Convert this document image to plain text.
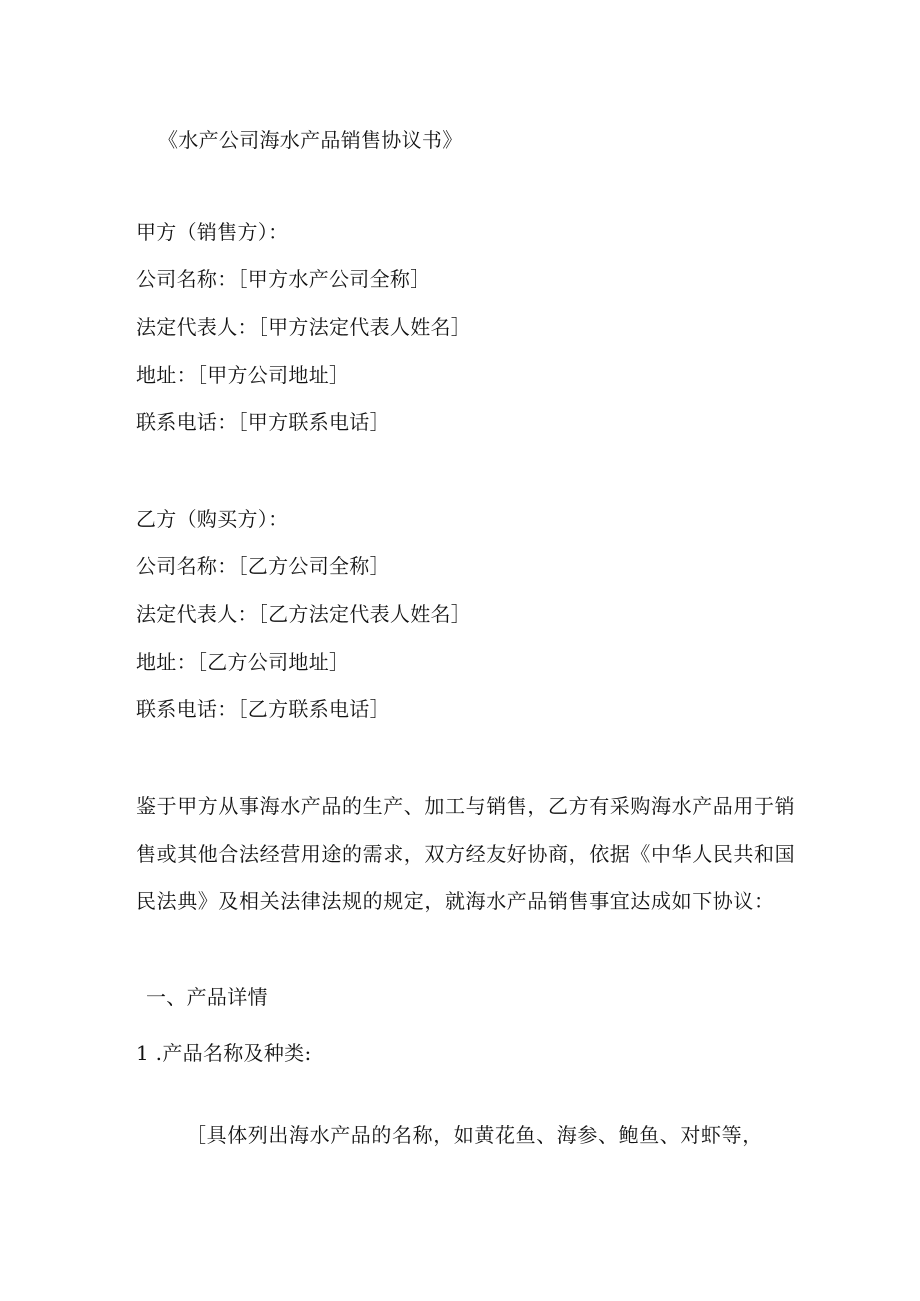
《水产公司海水产品销售协议书》
甲方（销售方）：
公司名称：［甲方水产公司全称］
法定代表人：［甲方法定代表人姓名］
地址：［甲方公司地址］
联系电话：［甲方联系电话］
乙方（购买方）：
公司名称：［乙方公司全称］
法定代表人：［乙方法定代表人姓名］
地址：［乙方公司地址］
联系电话：［乙方联系电话］
鉴于甲方从事海水产品的生产、加工与销售，乙方有采购海水产品用于销
售或其他合法经营用途的需求，双方经友好协商，依据《中华人民共和国
民法典》及相关法律法规的规定，就海水产品销售事宜达成如下协议：
一、产品详情
1 .产品名称及种类:
［具体列出海水产品的名称，如黄花鱼、海参、鲍鱼、对虾等，
